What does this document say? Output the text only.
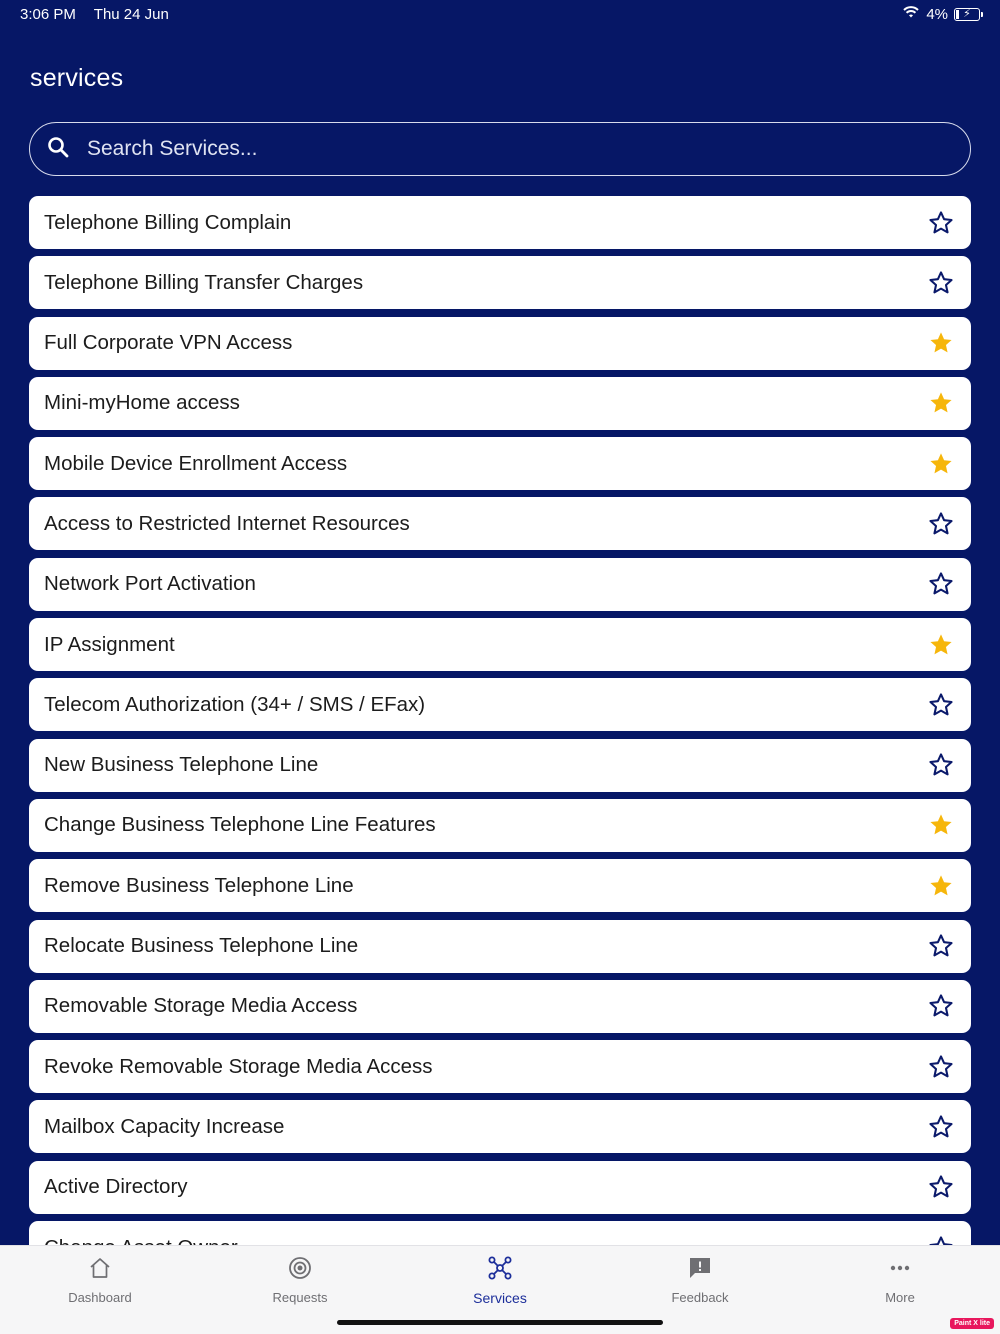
3:06 PM Thu 24 Jun	4% ⚡
services
Search Services...
Telephone Billing Complain
Telephone Billing Transfer Charges
Full Corporate VPN Access
Mini-myHome access
Mobile Device Enrollment Access
Access to Restricted Internet Resources
Network Port Activation
IP Assignment
Telecom Authorization (34+ / SMS / EFax)
New Business Telephone Line
Change Business Telephone Line Features
Remove Business Telephone Line
Relocate Business Telephone Line
Removable Storage Media Access
Revoke Removable Storage Media Access
Mailbox Capacity Increase
Active Directory
Dashboard	Requests	Services	Feedback	More
Paint X lite
